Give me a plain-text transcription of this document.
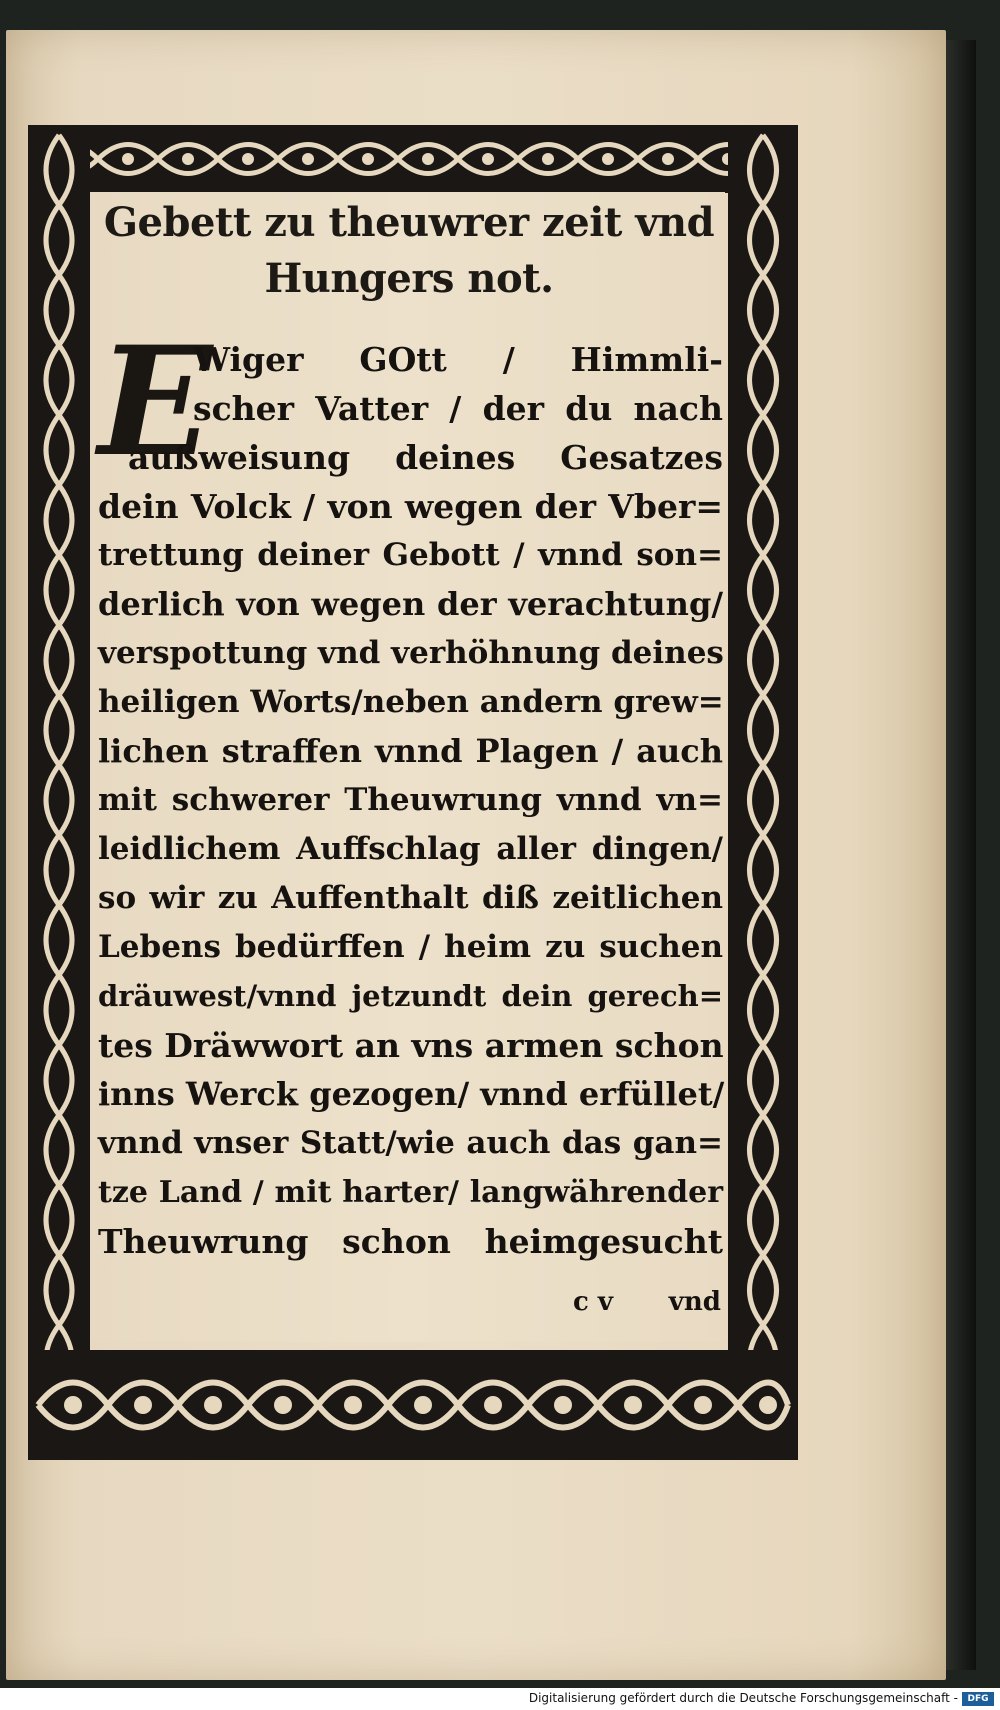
Gebett zu theuwrer zeit vnd
Hungers not.
E
Wiger GOtt / Himmli-
scher Vatter / der du nach
außweisung deines Gesatzes
dein Volck / von wegen der Vber=
trettung deiner Gebott / vnnd son=
derlich von wegen der verachtung/
verspottung vnd verhöhnung deines
heiligen Worts/neben andern grew=
lichen straffen vnnd Plagen / auch
mit schwerer Theuwrung vnnd vn=
leidlichem Auffschlag aller dingen/
so wir zu Auffenthalt diß zeitlichen
Lebens bedürffen / heim zu suchen
dräuwest/vnnd jetzundt dein gerech=
tes Dräwwort an vns armen schon
inns Werck gezogen/ vnnd erfüllet/
vnnd vnser Statt/wie auch das gan=
tze Land / mit harter/ langwährender
Theuwrung schon heimgesucht
c v vnd
Digitalisierung gefördert durch die Deutsche Forschungsgemeinschaft -	DFG
